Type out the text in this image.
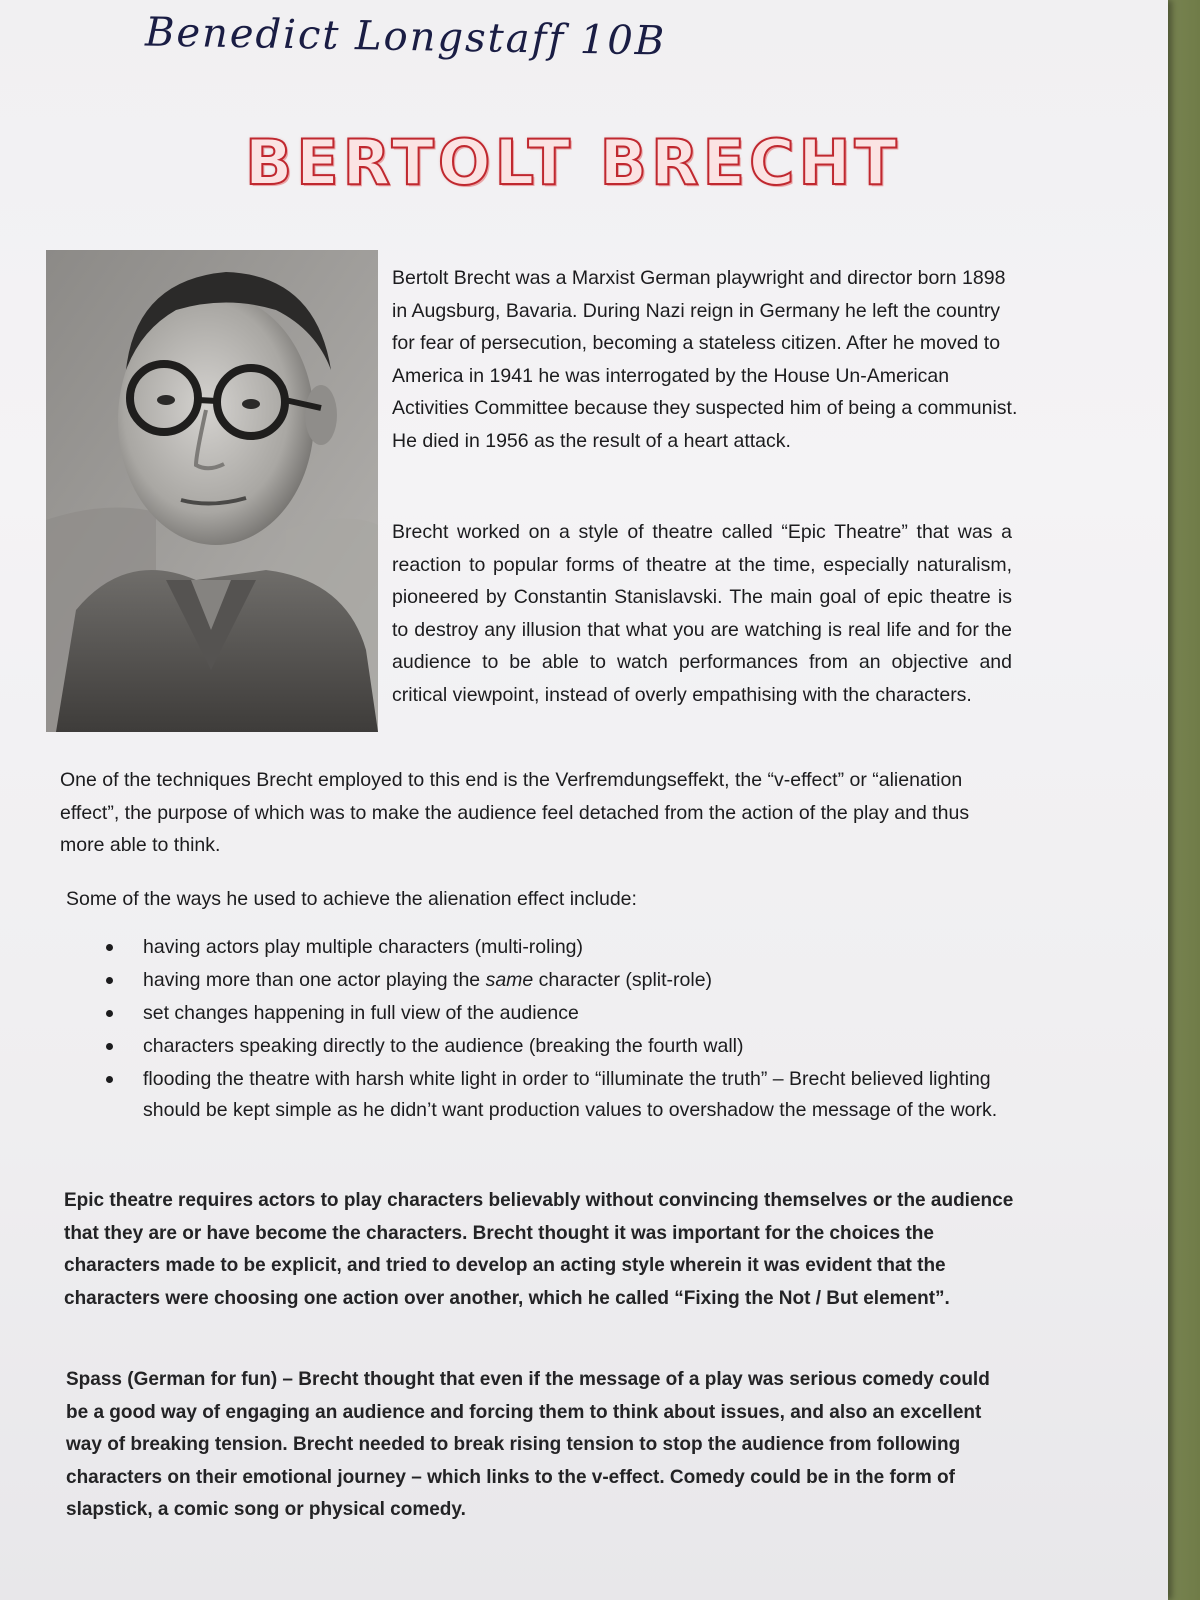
Benedict Longstaff 10B

BERTOLT BRECHT

Bertolt Brecht was a Marxist German playwright and director born 1898 in Augsburg, Bavaria. During Nazi reign in Germany he left the country for fear of persecution, becoming a stateless citizen. After he moved to America in 1941 he was interrogated by the House Un-American Activities Committee because they suspected him of being a communist. He died in 1956 as the result of a heart attack.

Brecht worked on a style of theatre called “Epic Theatre” that was a reaction to popular forms of theatre at the time, especially naturalism, pioneered by Constantin Stanislavski. The main goal of epic theatre is to destroy any illusion that what you are watching is real life and for the audience to be able to watch performances from an objective and critical viewpoint, instead of overly empathising with the characters.

One of the techniques Brecht employed to this end is the Verfremdungseffekt, the “v-effect” or “alienation effect”, the purpose of which was to make the audience feel detached from the action of the play and thus more able to think.

Some of the ways he used to achieve the alienation effect include:

having actors play multiple characters (multi-roling)
having more than one actor playing the same character (split-role)
set changes happening in full view of the audience
characters speaking directly to the audience (breaking the fourth wall)
flooding the theatre with harsh white light in order to “illuminate the truth” – Brecht believed lighting should be kept simple as he didn’t want production values to overshadow the message of the work.

Epic theatre requires actors to play characters believably without convincing themselves or the audience that they are or have become the characters. Brecht thought it was important for the choices the characters made to be explicit, and tried to develop an acting style wherein it was evident that the characters were choosing one action over another, which he called “Fixing the Not / But element”.

Spass (German for fun) – Brecht thought that even if the message of a play was serious comedy could be a good way of engaging an audience and forcing them to think about issues, and also an excellent way of breaking tension. Brecht needed to break rising tension to stop the audience from following characters on their emotional journey – which links to the v-effect. Comedy could be in the form of slapstick, a comic song or physical comedy.
